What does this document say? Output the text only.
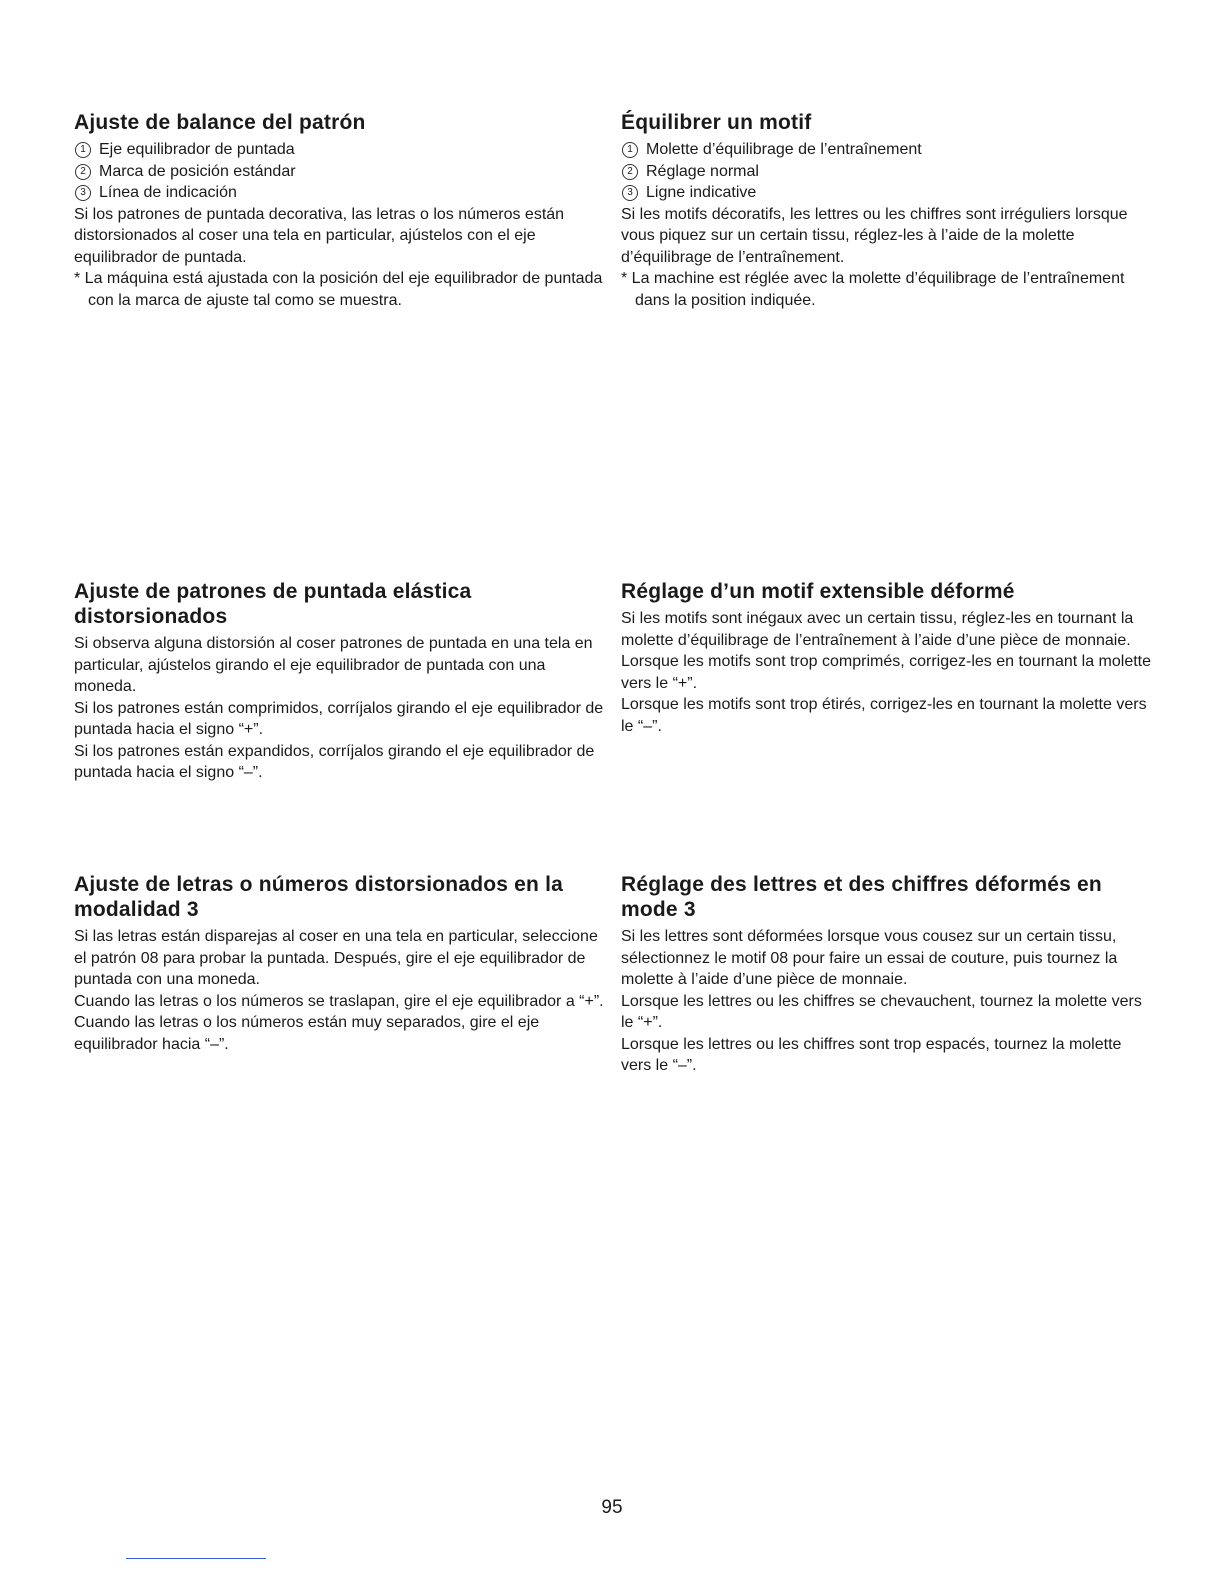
Ajuste de balance del patrón
1 Eje equilibrador de puntada
2 Marca de posición estándar
3 Línea de indicación
Si los patrones de puntada decorativa, las letras o los números están distorsionados al coser una tela en particular, ajústelos con el eje equilibrador de puntada.
* La máquina está ajustada con la posición del eje equilibrador de puntada con la marca de ajuste tal como se muestra.
Équilibrer un motif
1 Molette d’équilibrage de l’entraînement
2 Réglage normal
3 Ligne indicative
Si les motifs décoratifs, les lettres ou les chiffres sont irréguliers lorsque vous piquez sur un certain tissu, réglez-les à l’aide de la molette d’équilibrage de l’entraînement.
* La machine est réglée avec la molette d’équilibrage de l’entraînement dans la position indiquée.
Ajuste de patrones de puntada elástica distorsionados
Si observa alguna distorsión al coser patrones de puntada en una tela en particular, ajústelos girando el eje equilibrador de puntada con una moneda.
Si los patrones están comprimidos, corríjalos girando el eje equilibrador de puntada hacia el signo “+”.
Si los patrones están expandidos, corríjalos girando el eje equilibrador de puntada hacia el signo “–”.
Réglage d’un motif extensible déformé
Si les motifs sont inégaux avec un certain tissu, réglez-les en tournant la molette d’équilibrage de l’entraînement à l’aide d’une pièce de monnaie.
Lorsque les motifs sont trop comprimés, corrigez-les en tournant la molette vers le “+”.
Lorsque les motifs sont trop étirés, corrigez-les en tournant la molette vers le “–”.
Ajuste de letras o números distorsionados en la modalidad 3
Si las letras están disparejas al coser en una tela en particular, seleccione el patrón 08 para probar la puntada. Después, gire el eje equilibrador de puntada con una moneda.
Cuando las letras o los números se traslapan, gire el eje equilibrador a “+”.
Cuando las letras o los números están muy separados, gire el eje equilibrador hacia “–”.
Réglage des lettres et des chiffres déformés en mode 3
Si les lettres sont déformées lorsque vous cousez sur un certain tissu, sélectionnez le motif 08 pour faire un essai de couture, puis tournez la molette à l’aide d’une pièce de monnaie.
Lorsque les lettres ou les chiffres se chevauchent, tournez la molette vers le “+”.
Lorsque les lettres ou les chiffres sont trop espacés, tournez la molette vers le “–”.
95
